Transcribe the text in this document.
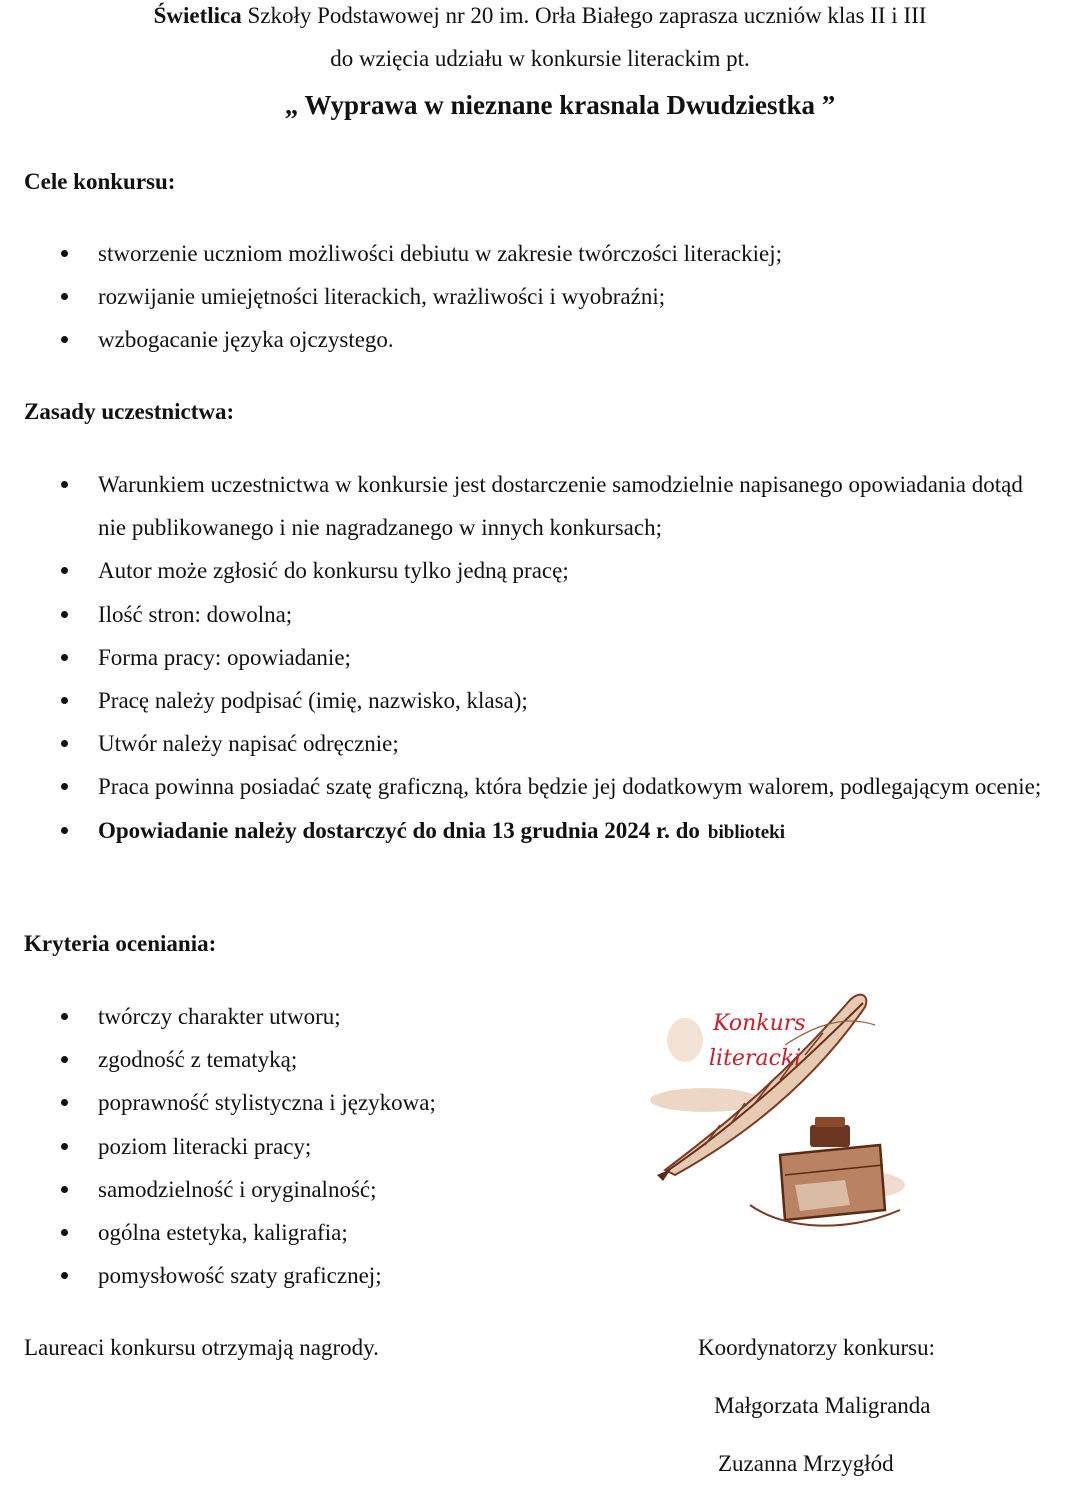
Świetlica Szkoły Podstawowej nr 20 im. Orła Białego zaprasza uczniów klas II i III
do wzięcia udziału w konkursie literackim pt.
„ Wyprawa w nieznane krasnala Dwudziestka ”
Cele konkursu:
stworzenie uczniom możliwości debiutu w zakresie twórczości literackiej;
rozwijanie umiejętności literackich, wrażliwości i wyobraźni;
wzbogacanie języka ojczystego.
Zasady uczestnictwa:
Warunkiem uczestnictwa w konkursie jest dostarczenie samodzielnie napisanego opowiadania dotąd nie publikowanego i nie nagradzanego w innych konkursach;
Autor może zgłosić do konkursu tylko jedną pracę;
Ilość stron: dowolna;
Forma pracy: opowiadanie;
Pracę należy podpisać (imię, nazwisko, klasa);
Utwór należy napisać odręcznie;
Praca powinna posiadać szatę graficzną, która będzie jej dodatkowym walorem, podlegającym ocenie;
Opowiadanie należy dostarczyć do dnia 13 grudnia 2024 r. do biblioteki
Kryteria oceniania:
twórczy charakter utworu;
zgodność z tematyką;
poprawność stylistyczna i językowa;
poziom literacki pracy;
samodzielność i oryginalność;
ogólna estetyka, kaligrafia;
pomysłowość szaty graficznej;
Konkurs
literacki
Laureaci konkursu otrzymają nagrody.	Koordynatorzy konkursu:
Małgorzata Maligranda
Zuzanna Mrzygłód
